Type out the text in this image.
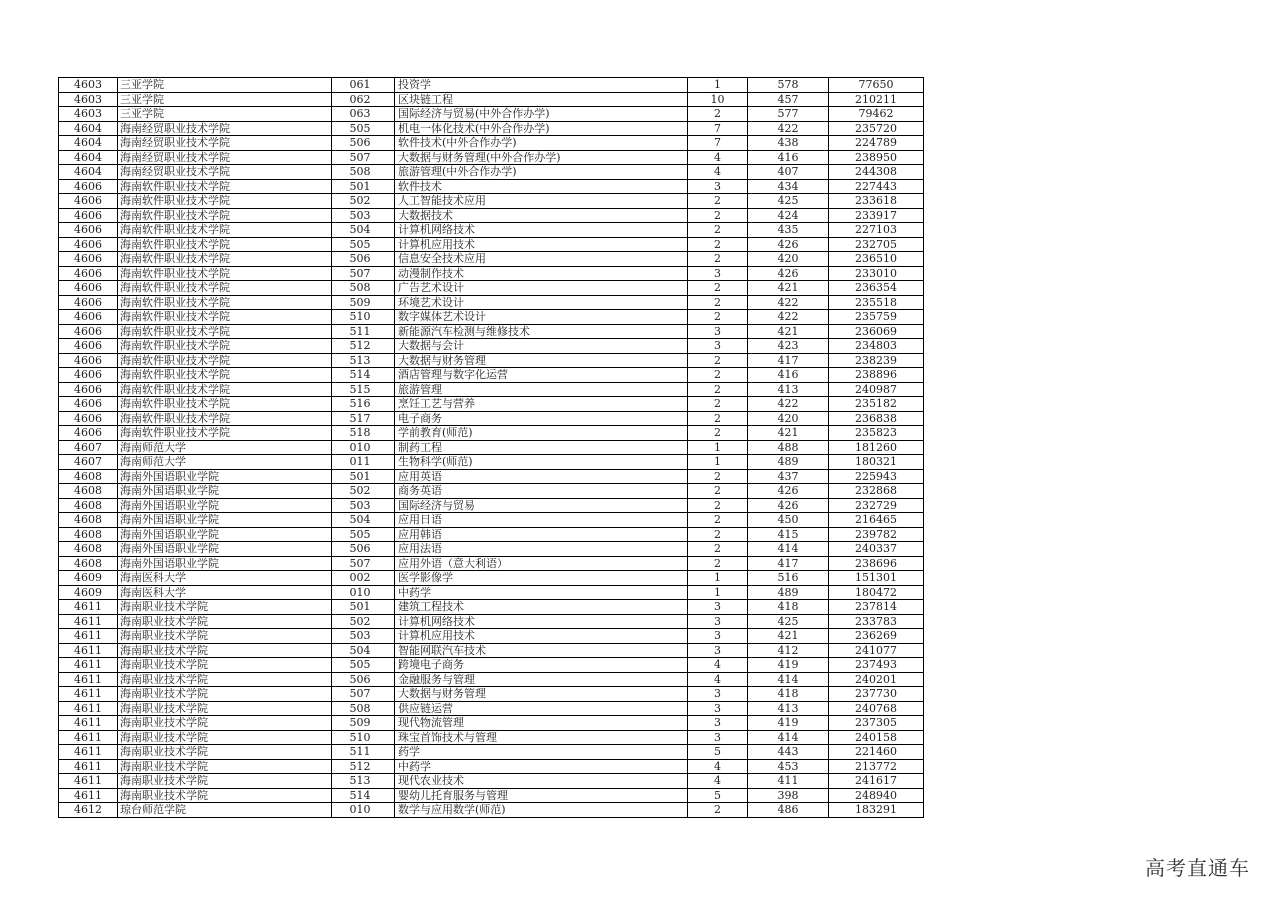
4603	三亚学院	061	投资学	1	578	77650
4603	三亚学院	062	区块链工程	10	457	210211
4603	三亚学院	063	国际经济与贸易(中外合作办学)	2	577	79462
4604	海南经贸职业技术学院	505	机电一体化技术(中外合作办学)	7	422	235720
4604	海南经贸职业技术学院	506	软件技术(中外合作办学)	7	438	224789
4604	海南经贸职业技术学院	507	大数据与财务管理(中外合作办学)	4	416	238950
4604	海南经贸职业技术学院	508	旅游管理(中外合作办学)	4	407	244308
4606	海南软件职业技术学院	501	软件技术	3	434	227443
4606	海南软件职业技术学院	502	人工智能技术应用	2	425	233618
4606	海南软件职业技术学院	503	大数据技术	2	424	233917
4606	海南软件职业技术学院	504	计算机网络技术	2	435	227103
4606	海南软件职业技术学院	505	计算机应用技术	2	426	232705
4606	海南软件职业技术学院	506	信息安全技术应用	2	420	236510
4606	海南软件职业技术学院	507	动漫制作技术	3	426	233010
4606	海南软件职业技术学院	508	广告艺术设计	2	421	236354
4606	海南软件职业技术学院	509	环境艺术设计	2	422	235518
4606	海南软件职业技术学院	510	数字媒体艺术设计	2	422	235759
4606	海南软件职业技术学院	511	新能源汽车检测与维修技术	3	421	236069
4606	海南软件职业技术学院	512	大数据与会计	3	423	234803
4606	海南软件职业技术学院	513	大数据与财务管理	2	417	238239
4606	海南软件职业技术学院	514	酒店管理与数字化运营	2	416	238896
4606	海南软件职业技术学院	515	旅游管理	2	413	240987
4606	海南软件职业技术学院	516	烹饪工艺与营养	2	422	235182
4606	海南软件职业技术学院	517	电子商务	2	420	236838
4606	海南软件职业技术学院	518	学前教育(师范)	2	421	235823
4607	海南师范大学	010	制药工程	1	488	181260
4607	海南师范大学	011	生物科学(师范)	1	489	180321
4608	海南外国语职业学院	501	应用英语	2	437	225943
4608	海南外国语职业学院	502	商务英语	2	426	232868
4608	海南外国语职业学院	503	国际经济与贸易	2	426	232729
4608	海南外国语职业学院	504	应用日语	2	450	216465
4608	海南外国语职业学院	505	应用韩语	2	415	239782
4608	海南外国语职业学院	506	应用法语	2	414	240337
4608	海南外国语职业学院	507	应用外语（意大利语）	2	417	238696
4609	海南医科大学	002	医学影像学	1	516	151301
4609	海南医科大学	010	中药学	1	489	180472
4611	海南职业技术学院	501	建筑工程技术	3	418	237814
4611	海南职业技术学院	502	计算机网络技术	3	425	233783
4611	海南职业技术学院	503	计算机应用技术	3	421	236269
4611	海南职业技术学院	504	智能网联汽车技术	3	412	241077
4611	海南职业技术学院	505	跨境电子商务	4	419	237493
4611	海南职业技术学院	506	金融服务与管理	4	414	240201
4611	海南职业技术学院	507	大数据与财务管理	3	418	237730
4611	海南职业技术学院	508	供应链运营	3	413	240768
4611	海南职业技术学院	509	现代物流管理	3	419	237305
4611	海南职业技术学院	510	珠宝首饰技术与管理	3	414	240158
4611	海南职业技术学院	511	药学	5	443	221460
4611	海南职业技术学院	512	中药学	4	453	213772
4611	海南职业技术学院	513	现代农业技术	4	411	241617
4611	海南职业技术学院	514	婴幼儿托育服务与管理	5	398	248940
4612	琼台师范学院	010	数学与应用数学(师范)	2	486	183291
高考直通车
